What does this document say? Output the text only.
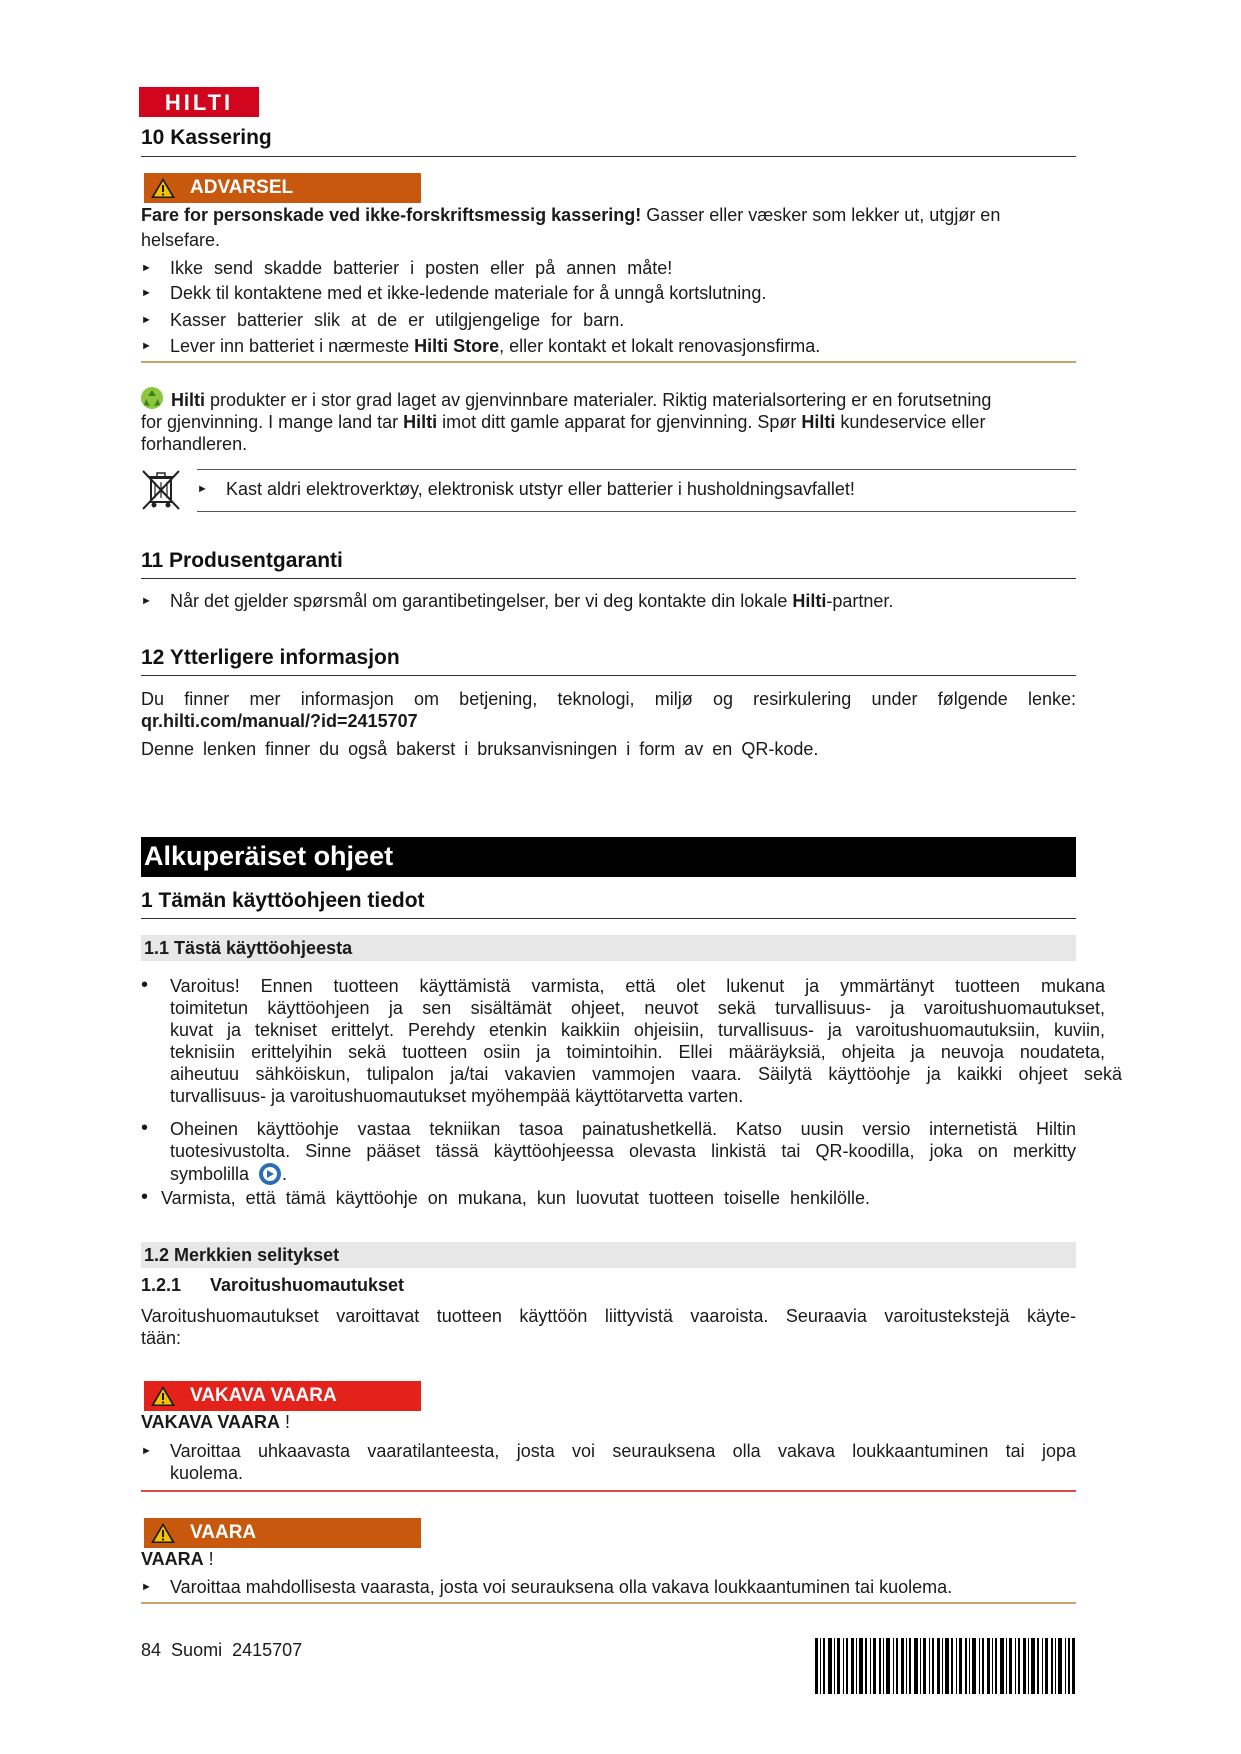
HILTI
10 Kassering
ADVARSEL
Fare for personskade ved ikke-forskriftsmessig kassering! Gasser eller væsker som lekker ut, utgjør en
helsefare.
► Ikke send skadde batterier i posten eller på annen måte!
► Dekk til kontaktene med et ikke-ledende materiale for å unngå kortslutning.
► Kasser batterier slik at de er utilgjengelige for barn.
► Lever inn batteriet i nærmeste Hilti Store, eller kontakt et lokalt renovasjonsfirma.
Hilti produkter er i stor grad laget av gjenvinnbare materialer. Riktig materialsortering er en forutsetning
for gjenvinning. I mange land tar Hilti imot ditt gamle apparat for gjenvinning. Spør Hilti kundeservice eller
forhandleren.
► Kast aldri elektroverktøy, elektronisk utstyr eller batterier i husholdningsavfallet!
11 Produsentgaranti
► Når det gjelder spørsmål om garantibetingelser, ber vi deg kontakte din lokale Hilti-partner.
12 Ytterligere informasjon
Du finner mer informasjon om betjening, teknologi, miljø og resirkulering under følgende lenke:
qr.hilti.com/manual/?id=2415707
Denne lenken finner du også bakerst i bruksanvisningen i form av en QR-kode.
Alkuperäiset ohjeet
1 Tämän käyttöohjeen tiedot
1.1 Tästä käyttöohjeesta
• Varoitus! Ennen tuotteen käyttämistä varmista, että olet lukenut ja ymmärtänyt tuotteen mukana
toimitetun käyttöohjeen ja sen sisältämät ohjeet, neuvot sekä turvallisuus- ja varoitushuomautukset,
kuvat ja tekniset erittelyt. Perehdy etenkin kaikkiin ohjeisiin, turvallisuus- ja varoitushuomautuksiin, kuviin,
teknisiin erittelyihin sekä tuotteen osiin ja toimintoihin. Ellei määräyksiä, ohjeita ja neuvoja noudateta,
aiheutuu sähköiskun, tulipalon ja/tai vakavien vammojen vaara. Säilytä käyttöohje ja kaikki ohjeet sekä
turvallisuus- ja varoitushuomautukset myöhempää käyttötarvetta varten.
• Oheinen käyttöohje vastaa tekniikan tasoa painatushetkellä. Katso uusin versio internetistä Hiltin
tuotesivustolta. Sinne pääset tässä käyttöohjeessa olevasta linkistä tai QR-koodilla, joka on merkitty
symbolilla .
• Varmista, että tämä käyttöohje on mukana, kun luovutat tuotteen toiselle henkilölle.
1.2 Merkkien selitykset
1.2.1 Varoitushuomautukset
Varoitushuomautukset varoittavat tuotteen käyttöön liittyvistä vaaroista. Seuraavia varoitustekstejä käyte-
tään:
VAKAVA VAARA
VAKAVA VAARA !
► Varoittaa uhkaavasta vaaratilanteesta, josta voi seurauksena olla vakava loukkaantuminen tai jopa
kuolema.
VAARA
VAARA !
► Varoittaa mahdollisesta vaarasta, josta voi seurauksena olla vakava loukkaantuminen tai kuolema.
84 Suomi 2415707
